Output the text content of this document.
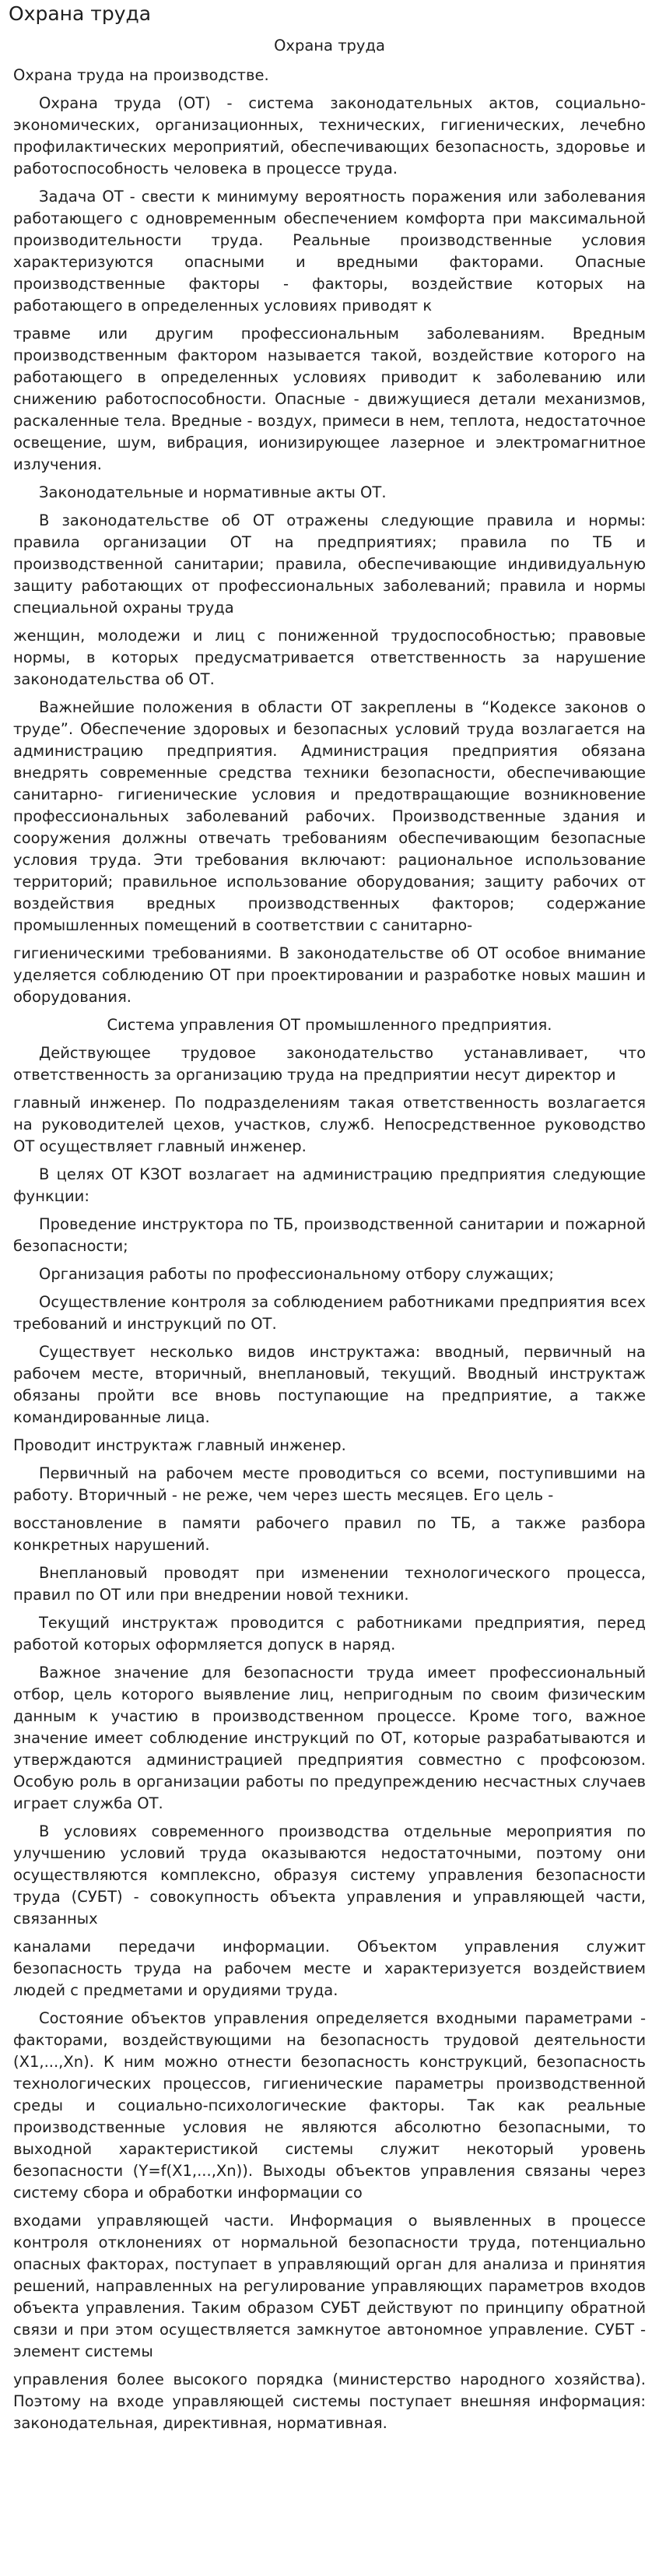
Охрана труда
Охрана труда

Охрана труда на производстве.

Охрана труда (ОТ) - система законодательных актов, социально-экономических, организационных, технических, гигиенических, лечебно профилактических мероприятий, обеспечивающих безопасность, здоровье и работоспособность человека в процессе труда.

Задача ОТ - свести к минимуму вероятность поражения или заболевания работающего с одновременным обеспечением комфорта при максимальной производительности труда. Реальные производственные условия характеризуются опасными и вредными факторами. Опасные производственные факторы - факторы, воздействие которых на работающего в определенных условиях приводят к

травме или другим профессиональным заболеваниям. Вредным производственным фактором называется такой, воздействие которого на работающего в определенных условиях приводит к заболеванию или снижению работоспособности. Опасные - движущиеся детали механизмов, раскаленные тела. Вредные - воздух, примеси в нем, теплота, недостаточное освещение, шум, вибрация, ионизирующее лазерное и электромагнитное излучения.

Законодательные и нормативные акты ОТ.

В законодательстве об ОТ отражены следующие правила и нормы: правила организации ОТ на предприятиях; правила по ТБ и производственной санитарии; правила, обеспечивающие индивидуальную защиту работающих от профессиональных заболеваний; правила и нормы специальной охраны труда

женщин, молодежи и лиц с пониженной трудоспособностью; правовые нормы, в которых предусматривается ответственность за нарушение законодательства об ОТ.

Важнейшие положения в области ОТ закреплены в “Кодексе законов о труде”. Обеспечение здоровых и безопасных условий труда возлагается на администрацию предприятия. Администрация предприятия обязана внедрять современные средства техники безопасности, обеспечивающие санитарно- гигиенические условия и предотвращающие возникновение профессиональных заболеваний рабочих. Производственные здания и сооружения должны отвечать требованиям обеспечивающим безопасные условия труда. Эти требования включают: рациональное использование территорий; правильное использование оборудования; защиту рабочих от воздействия вредных производственных факторов; содержание промышленных помещений в соответствии с санитарно-

гигиеническими требованиями. В законодательстве об ОТ особое внимание уделяется соблюдению ОТ при проектировании и разработке новых машин и оборудования.

Система управления ОТ промышленного предприятия.

Действующее трудовое законодательство устанавливает, что ответственность за организацию труда на предприятии несут директор и

главный инженер. По подразделениям такая ответственность возлагается на руководителей цехов, участков, служб. Непосредственное руководство ОТ осуществляет главный инженер.

В целях ОТ КЗОТ возлагает на администрацию предприятия следующие функции:

Проведение инструктора по ТБ, производственной санитарии и пожарной безопасности;

Организация работы по профессиональному отбору служащих;

Осуществление контроля за соблюдением работниками предприятия всех требований и инструкций по ОТ.

Существует несколько видов инструктажа: вводный, первичный на рабочем месте, вторичный, внеплановый, текущий. Вводный инструктаж обязаны пройти все вновь поступающие на предприятие, а также командированные лица.

Проводит инструктаж главный инженер.

Первичный на рабочем месте проводиться со всеми, поступившими на работу. Вторичный - не реже, чем через шесть месяцев. Его цель -

восстановление в памяти рабочего правил по ТБ, а также разбора конкретных нарушений.

Внеплановый проводят при изменении технологического процесса, правил по ОТ или при внедрении новой техники.

Текущий инструктаж проводится с работниками предприятия, перед работой которых оформляется допуск в наряд.

Важное значение для безопасности труда имеет профессиональный отбор, цель которого выявление лиц, непригодным по своим физическим данным к участию в производственном процессе. Кроме того, важное значение имеет соблюдение инструкций по ОТ, которые разрабатываются и утверждаются администрацией предприятия совместно с профсоюзом. Особую роль в организации работы по предупреждению несчастных случаев играет служба ОТ.

В условиях современного производства отдельные мероприятия по улучшению условий труда оказываются недостаточными, поэтому они осуществляются комплексно, образуя систему управления безопасности труда (СУБТ) - совокупность объекта управления и управляющей части, связанных

каналами передачи информации. Объектом управления служит безопасность труда на рабочем месте и характеризуется воздействием людей с предметами и орудиями труда.

Состояние объектов управления определяется входными параметрами - факторами, воздействующими на безопасность трудовой деятельности (X1,...,Xn). К ним можно отнести безопасность конструкций, безопасность технологических процессов, гигиенические параметры производственной среды и социально-психологические факторы. Так как реальные производственные условия не являются абсолютно безопасными, то выходной характеристикой системы служит некоторый уровень безопасности (Y=f(X1,...,Xn)). Выходы объектов управления связаны через систему сбора и обработки информации со

входами управляющей части. Информация о выявленных в процессе контроля отклонениях от нормальной безопасности труда, потенциально опасных факторах, поступает в управляющий орган для анализа и принятия решений, направленных на регулирование управляющих параметров входов объекта управления. Таким образом СУБТ действуют по принципу обратной связи и при этом осуществляется замкнутое автономное управление. СУБТ - элемент системы

управления более высокого порядка (министерство народного хозяйства). Поэтому на входе управляющей системы поступает внешняя информация: законодательная, директивная, нормативная.
